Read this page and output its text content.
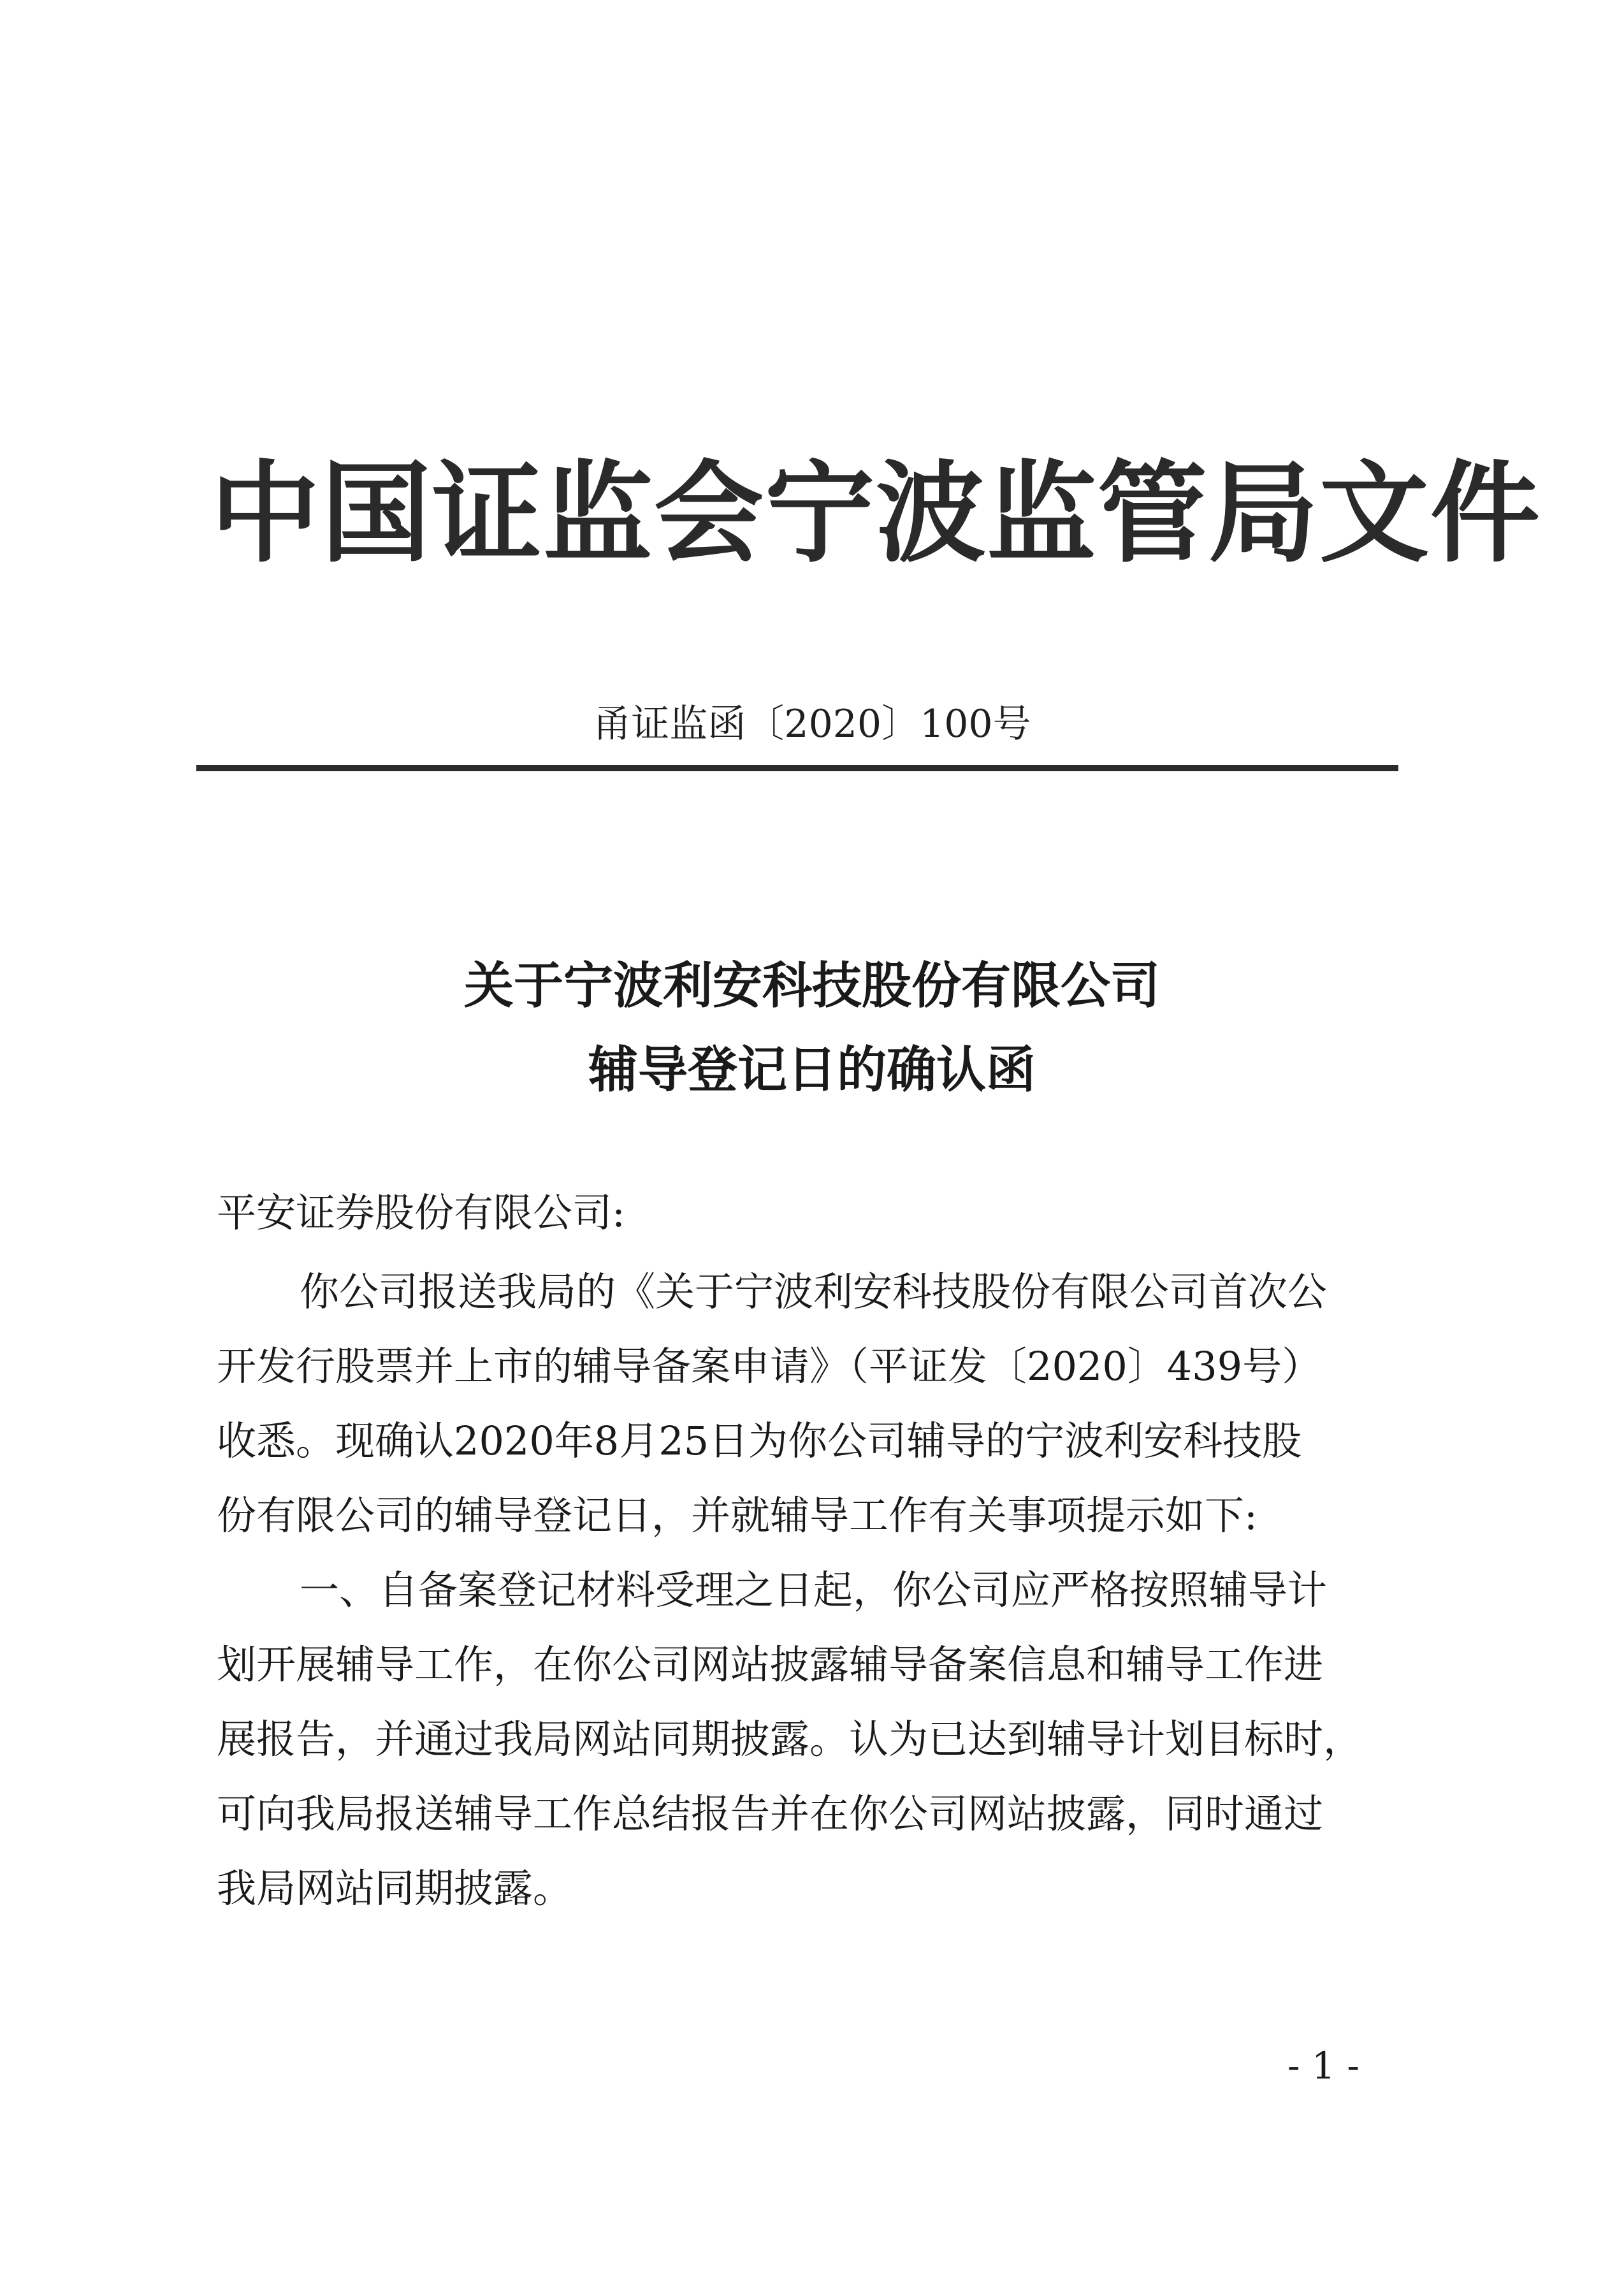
中国证监会宁波监管局文件
甬证监函〔2020〕100号
关于宁波利安科技股份有限公司
辅导登记日的确认函
平安证券股份有限公司:
你公司报送我局的《关于宁波利安科技股份有限公司首次公
开发行股票并上市的辅导备案申请》（平证发〔2020〕439号）
收悉。现确认2020年8月25日为你公司辅导的宁波利安科技股
份有限公司的辅导登记日，并就辅导工作有关事项提示如下:
一、自备案登记材料受理之日起，你公司应严格按照辅导计
划开展辅导工作，在你公司网站披露辅导备案信息和辅导工作进
展报告，并通过我局网站同期披露。认为已达到辅导计划目标时，
可向我局报送辅导工作总结报告并在你公司网站披露，同时通过
我局网站同期披露。
- 1 -
